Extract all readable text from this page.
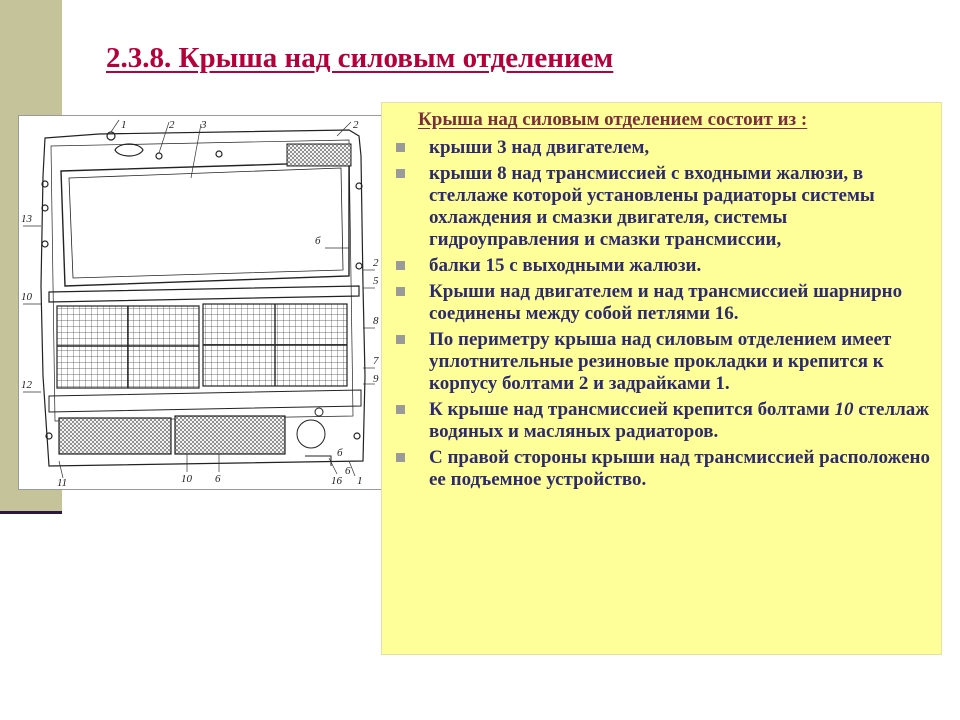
2.3.8. Крыша над силовым отделением
1	2 3	2
13
10
12
11	10 6	16
6
1
2
5
8
7
9
б
б

Крыша над силовым отделением состоит из :

крыши 3 над двигателем,
крыши 8 над трансмиссией с входными жалюзи, в стеллаже которой установлены радиаторы системы охлаждения и смазки двигателя, системы гидроуправления и смазки трансмиссии,
балки 15 с выходными жалюзи.
Крыши над двигателем и над трансмиссией шарнирно соединены между собой петлями 16.
По периметру крыша над силовым отделением имеет уплотнительные резиновые прокладки и крепится к корпусу болтами 2 и задрайками 1.
К крыше над трансмиссией крепится болтами 10 стеллаж водяных и масляных радиаторов.
С правой стороны крыши над трансмиссией расположено ее подъемное устройство.
